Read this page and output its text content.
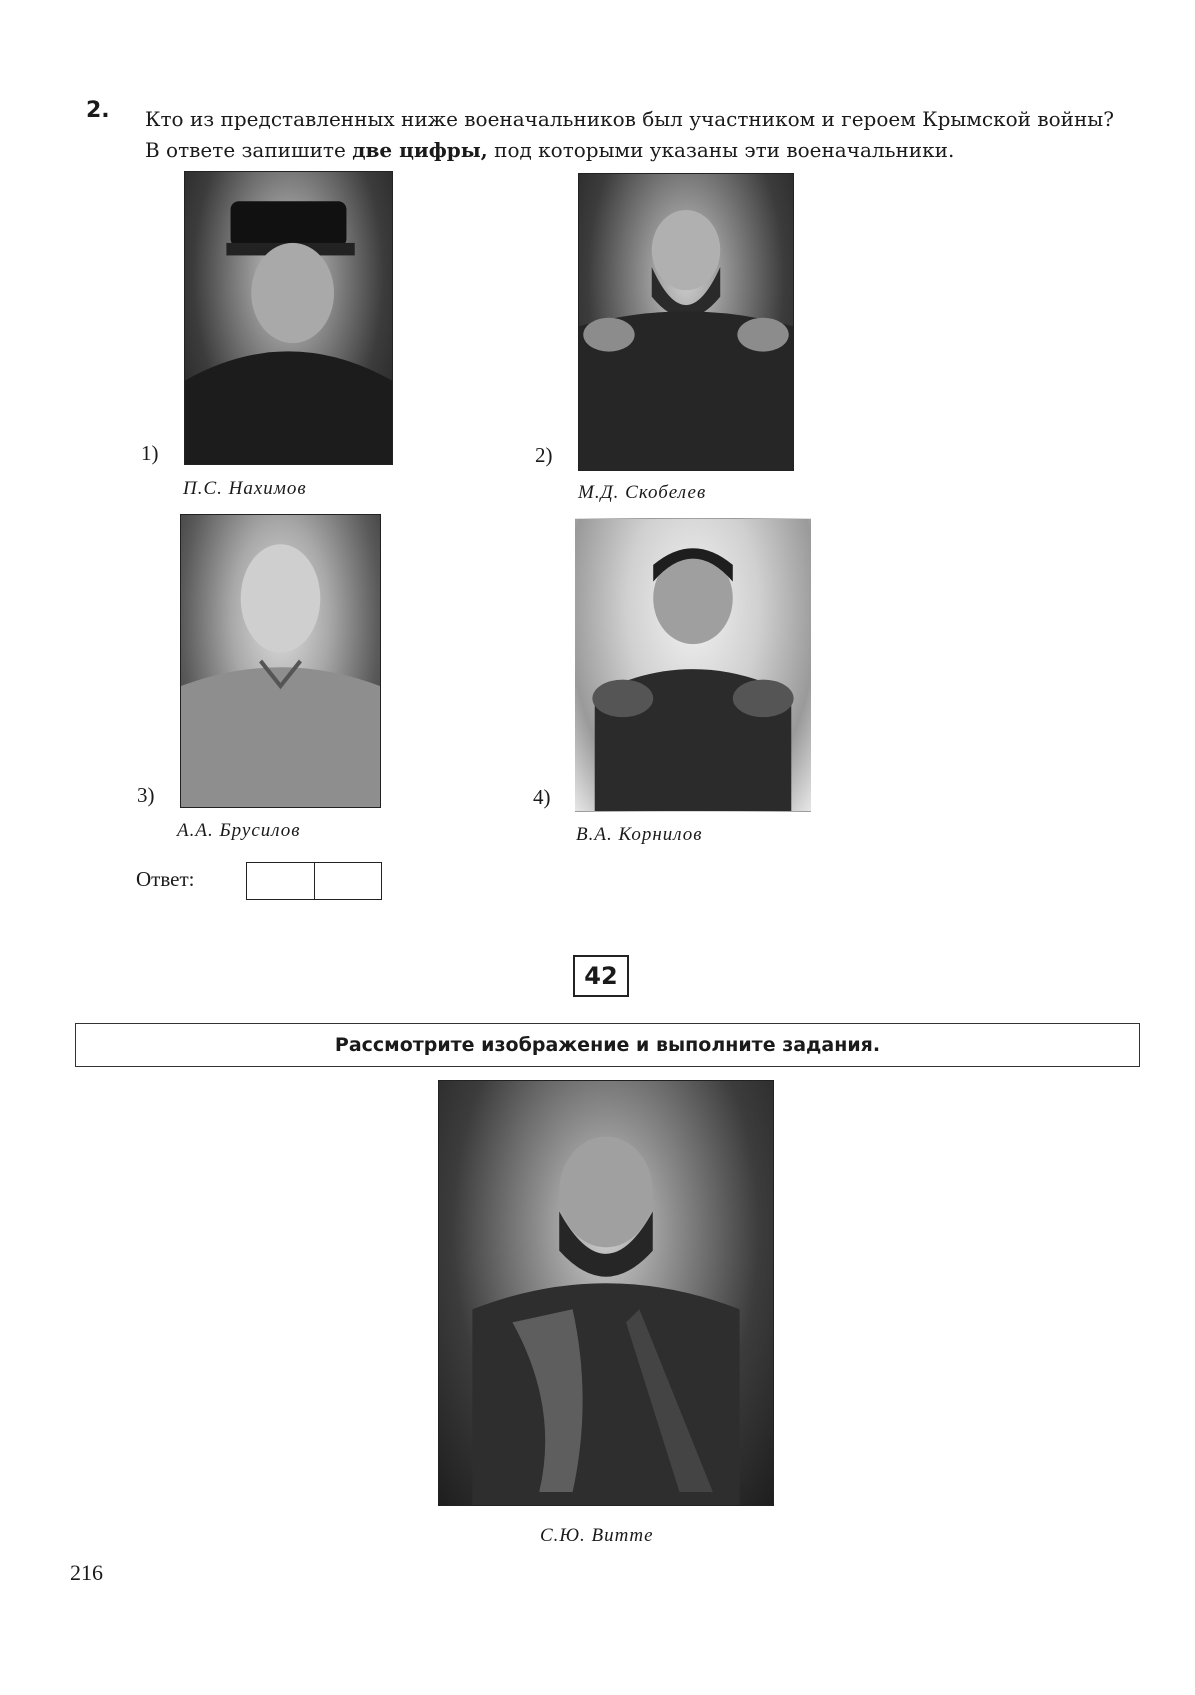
2. Кто из представленных ниже военачальников был участником и героем Крымской войны?
В ответе запишите две цифры, под которыми указаны эти военачальники.
1)
П.С. Нахимов
2)
М.Д. Скобелев
3)
А.А. Брусилов
4)
В.А. Корнилов
Ответ:
42
Рассмотрите изображение и выполните задания.
С.Ю. Витте
216
